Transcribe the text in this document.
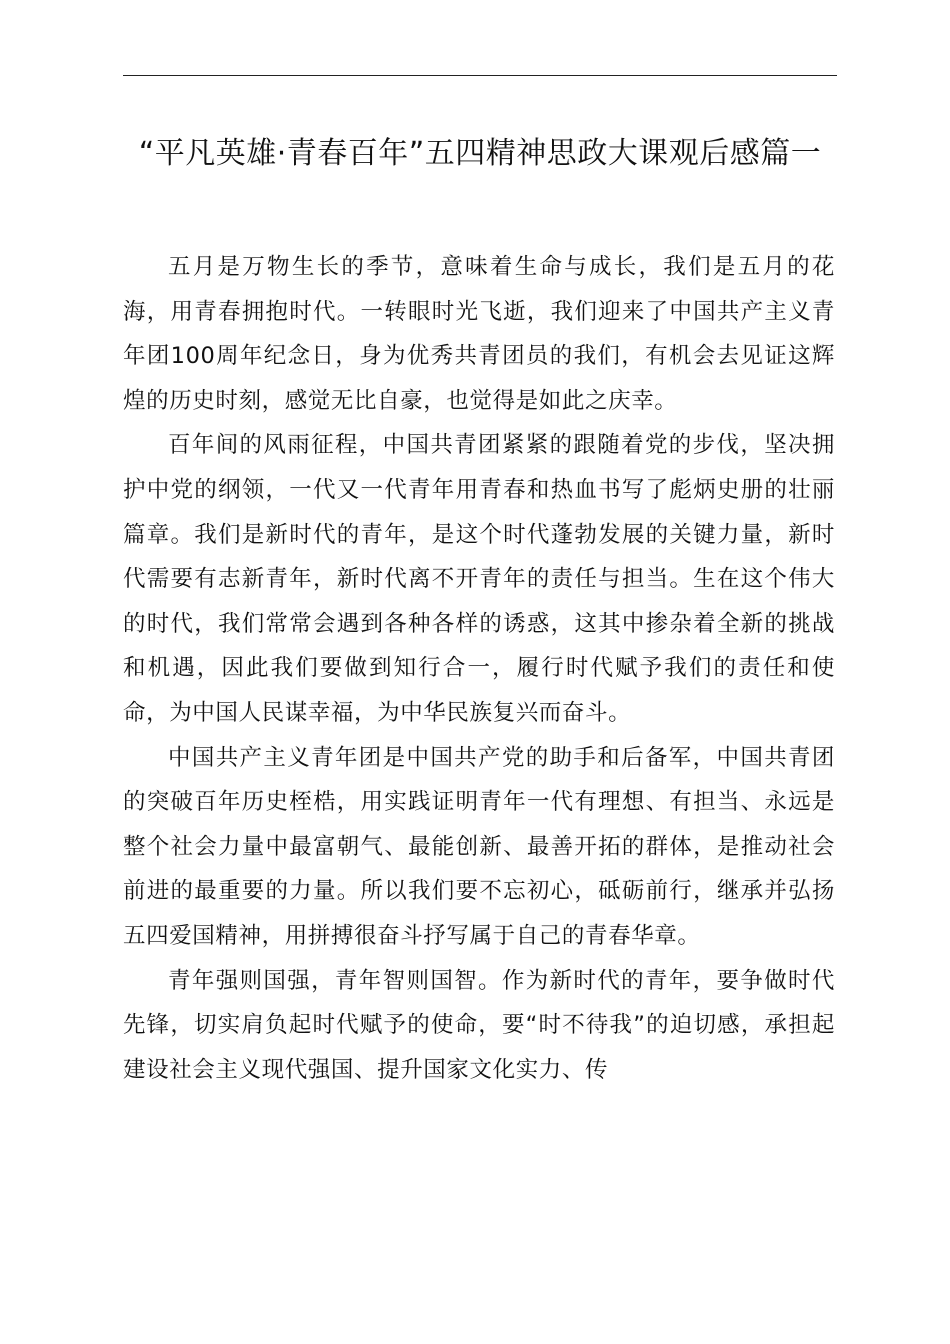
“平凡英雄·青春百年”五四精神思政大课观后感篇一

五月是万物生长的季节，意味着生命与成长，我们是五月的花海，用青春拥抱时代。一转眼时光飞逝，我们迎来了中国共产主义青年团100周年纪念日，身为优秀共青团员的我们，有机会去见证这辉煌的历史时刻，感觉无比自豪，也觉得是如此之庆幸。

百年间的风雨征程，中国共青团紧紧的跟随着党的步伐，坚决拥护中党的纲领，一代又一代青年用青春和热血书写了彪炳史册的壮丽篇章。我们是新时代的青年，是这个时代蓬勃发展的关键力量，新时代需要有志新青年，新时代离不开青年的责任与担当。生在这个伟大的时代，我们常常会遇到各种各样的诱惑，这其中掺杂着全新的挑战和机遇，因此我们要做到知行合一，履行时代赋予我们的责任和使命，为中国人民谋幸福，为中华民族复兴而奋斗。

中国共产主义青年团是中国共产党的助手和后备军，中国共青团的突破百年历史桎梏，用实践证明青年一代有理想、有担当、永远是整个社会力量中最富朝气、最能创新、最善开拓的群体，是推动社会前进的最重要的力量。所以我们要不忘初心，砥砺前行，继承并弘扬五四爱国精神，用拼搏很奋斗抒写属于自己的青春华章。

青年强则国强，青年智则国智。作为新时代的青年，要争做时代先锋，切实肩负起时代赋予的使命，要“时不待我”的迫切感，承担起建设社会主义现代强国、提升国家文化实力、传
